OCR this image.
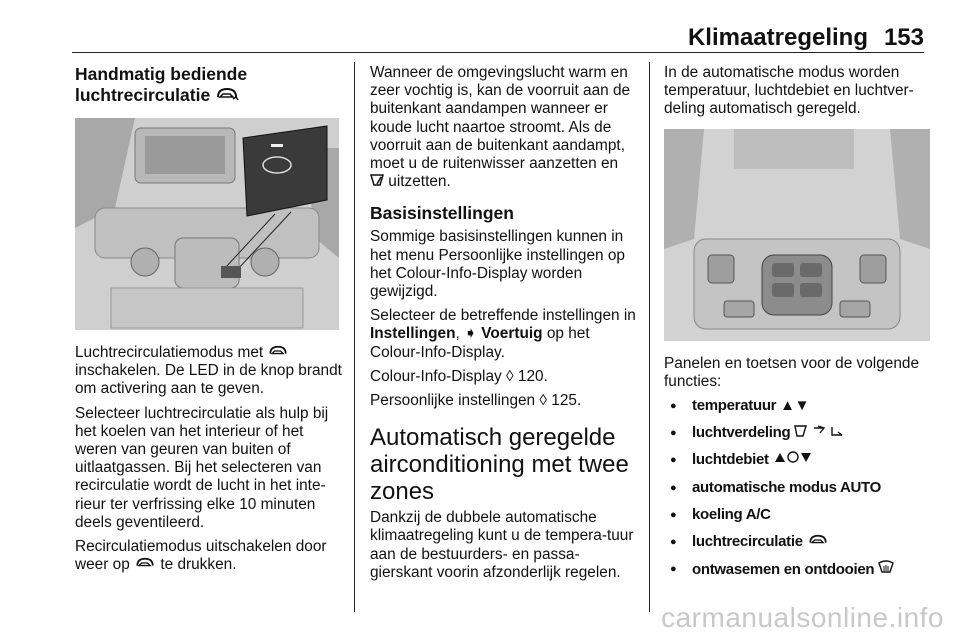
Klimaatregeling 153
Handmatig bediende
luchtrecirculatie

Luchtrecirculatiemodus met  inschakelen. De LED in de knop brandt om activering aan te geven.

Selecteer luchtrecirculatie als hulp bij het koelen van het interieur of het weren van geuren van buiten of uitlaatgassen. Bij het selecteren van recirculatie wordt de lucht in het inte-rieur ter verfrissing elke 10 minuten deels geventileerd.

Recirculatiemodus uitschakelen door weer op te drukken.

Wanneer de omgevingslucht warm en zeer vochtig is, kan de voorruit aan de buitenkant aandampen wanneer er koude lucht naartoe stroomt. Als de voorruit aan de buitenkant aandampt, moet u de ruitenwisser aanzetten en  uitzetten.

Basisinstellingen

Sommige basisinstellingen kunnen in het menu Persoonlijke instellingen op het Colour-Info-Display worden gewijzigd.

Selecteer de betreffende instellingen in Instellingen, ➧ Voertuig op het Colour-Info-Display.

Colour-Info-Display ◊ 120.

Persoonlijke instellingen ◊ 125.

Automatisch geregelde airconditioning met twee zones

Dankzij de dubbele automatische klimaatregeling kunt u de tempera-tuur aan de bestuurders- en passa-gierskant voorin afzonderlijk regelen.

In de automatische modus worden temperatuur, luchtdebiet en luchtver-deling automatisch geregeld.

Panelen en toetsen voor de volgende functies:

● temperatuur ▲▼
● luchtverdeling
● luchtdebiet
● automatische modus AUTO
● koeling A/C
● luchtrecirculatie
● ontwasemen en ontdooien
carmanualsonline.info
